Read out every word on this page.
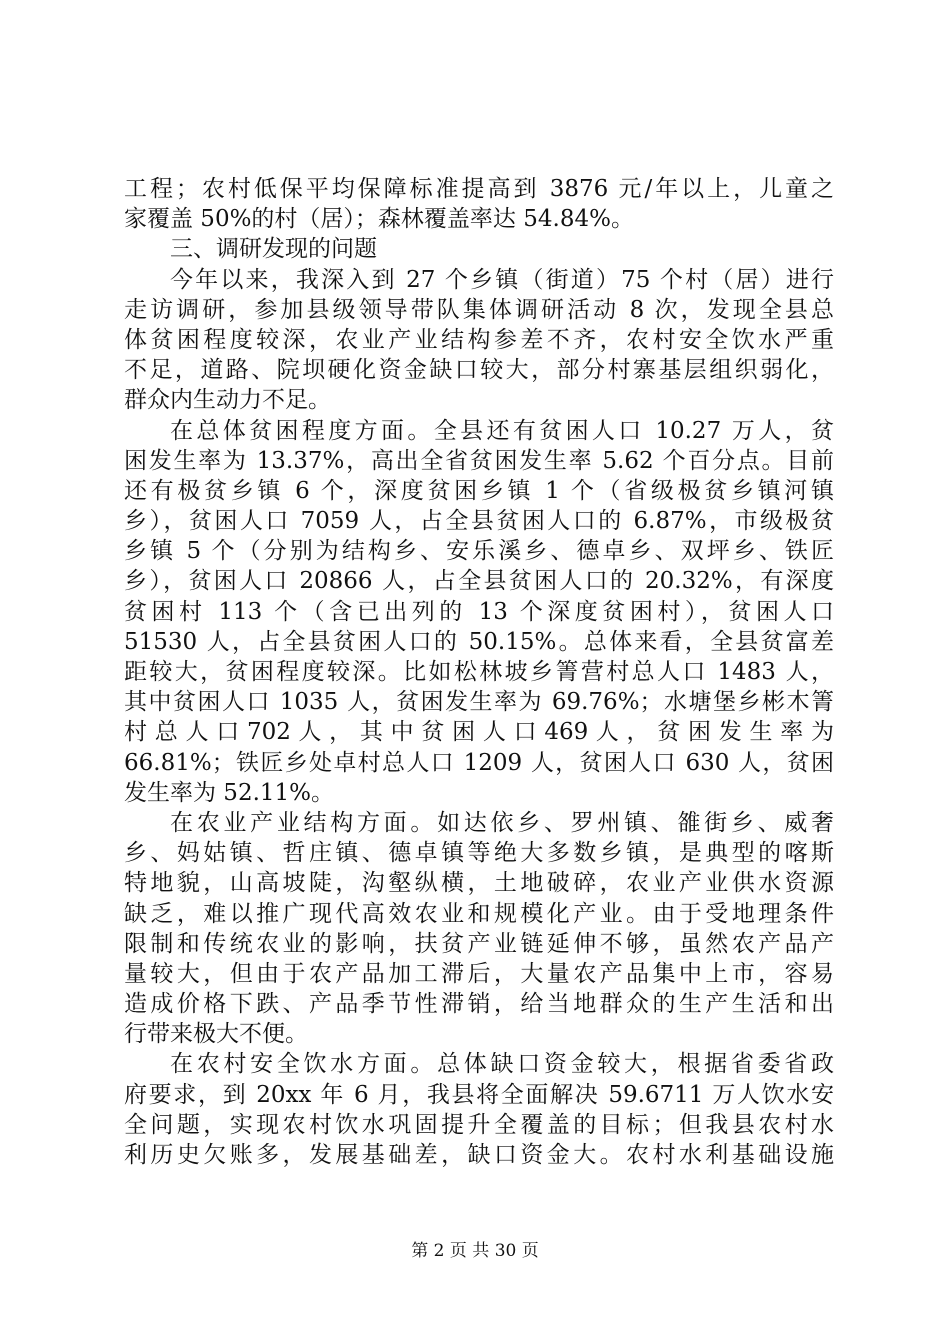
工程；农村低保平均保障标准提高到 3876 元/年以上，儿童之
家覆盖 50%的村（居）；森林覆盖率达 54.84%。
三、调研发现的问题
今年以来，我深入到 27 个乡镇（街道）75 个村（居）进行
走访调研，参加县级领导带队集体调研活动 8 次，发现全县总
体贫困程度较深，农业产业结构参差不齐，农村安全饮水严重
不足，道路、院坝硬化资金缺口较大，部分村寨基层组织弱化，
群众内生动力不足。
在总体贫困程度方面。全县还有贫困人口 10.27 万人，贫
困发生率为 13.37%，高出全省贫困发生率 5.62 个百分点。目前
还有极贫乡镇 6 个，深度贫困乡镇 1 个（省级极贫乡镇河镇
乡），贫困人口 7059 人，占全县贫困人口的 6.87%，市级极贫
乡镇 5 个（分别为结构乡、安乐溪乡、德卓乡、双坪乡、铁匠
乡），贫困人口 20866 人，占全县贫困人口的 20.32%，有深度
贫困村 113 个（含已出列的 13 个深度贫困村），贫困人口
51530 人，占全县贫困人口的 50.15%。总体来看，全县贫富差
距较大，贫困程度较深。比如松林坡乡箐营村总人口 1483 人，
其中贫困人口 1035 人，贫困发生率为 69.76%；水塘堡乡彬木箐
村 总 人 口 702 人 ， 其 中 贫 困 人 口 469 人 ， 贫 困 发 生 率 为
66.81%；铁匠乡处卓村总人口 1209 人，贫困人口 630 人，贫困
发生率为 52.11%。
在农业产业结构方面。如达依乡、罗州镇、雒街乡、威奢
乡、妈姑镇、哲庄镇、德卓镇等绝大多数乡镇，是典型的喀斯
特地貌，山高坡陡，沟壑纵横，土地破碎，农业产业供水资源
缺乏，难以推广现代高效农业和规模化产业。由于受地理条件
限制和传统农业的影响，扶贫产业链延伸不够，虽然农产品产
量较大，但由于农产品加工滞后，大量农产品集中上市，容易
造成价格下跌、产品季节性滞销，给当地群众的生产生活和出
行带来极大不便。
在农村安全饮水方面。总体缺口资金较大，根据省委省政
府要求，到 20xx 年 6 月，我县将全面解决 59.6711 万人饮水安
全问题，实现农村饮水巩固提升全覆盖的目标；但我县农村水
利历史欠账多，发展基础差，缺口资金大。农村水利基础设施
第 2 页 共 30 页
